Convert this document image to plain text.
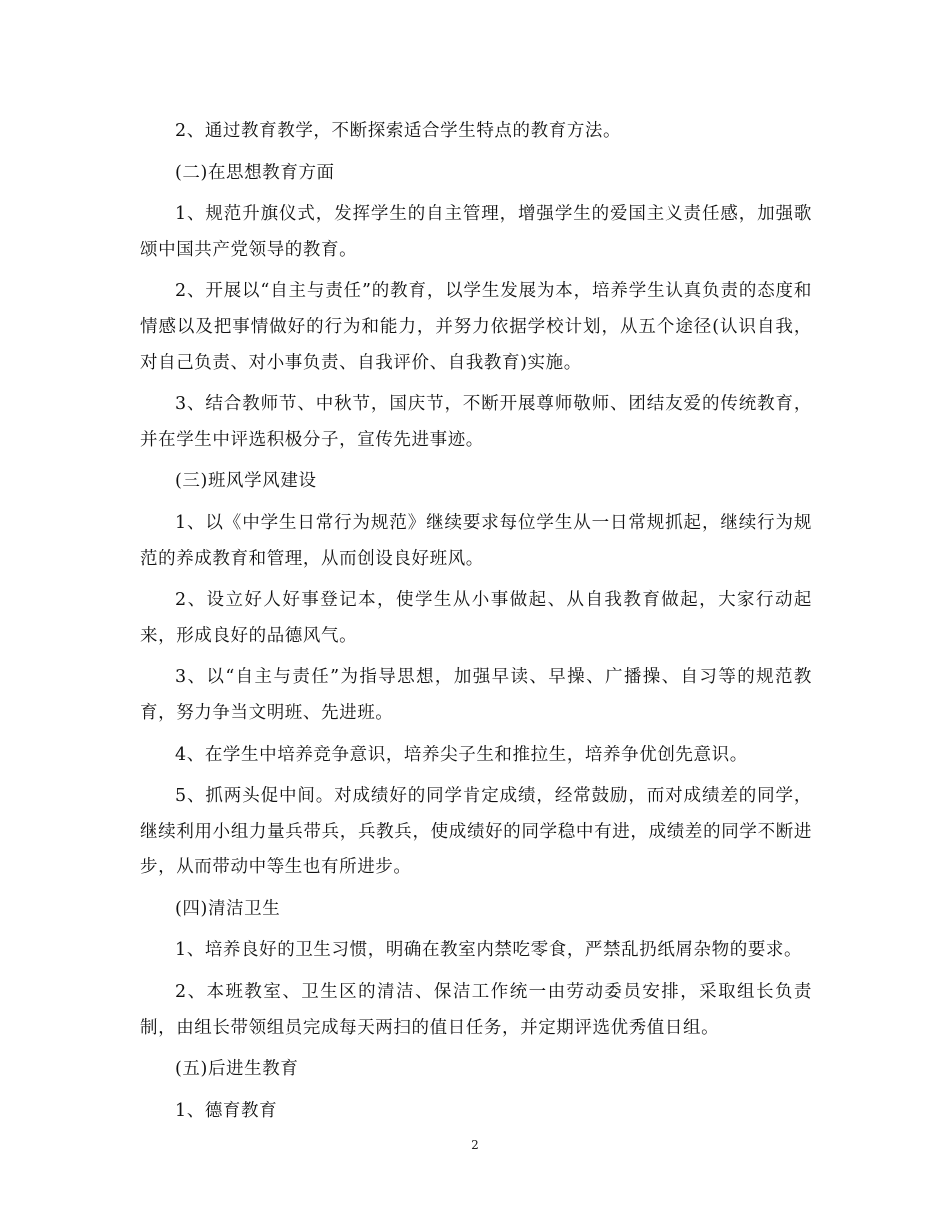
2、通过教育教学，不断探索适合学生特点的教育方法。

(二)在思想教育方面

1、规范升旗仪式，发挥学生的自主管理，增强学生的爱国主义责任感，加强歌颂中国共产党领导的教育。

2、开展以“自主与责任”的教育，以学生发展为本，培养学生认真负责的态度和情感以及把事情做好的行为和能力，并努力依据学校计划，从五个途径(认识自我，对自己负责、对小事负责、自我评价、自我教育)实施。

3、结合教师节、中秋节，国庆节，不断开展尊师敬师、团结友爱的传统教育，并在学生中评选积极分子，宣传先进事迹。

(三)班风学风建设

1、以《中学生日常行为规范》继续要求每位学生从一日常规抓起，继续行为规范的养成教育和管理，从而创设良好班风。

2、设立好人好事登记本，使学生从小事做起、从自我教育做起，大家行动起来，形成良好的品德风气。

3、以“自主与责任”为指导思想，加强早读、早操、广播操、自习等的规范教育，努力争当文明班、先进班。

4、在学生中培养竞争意识，培养尖子生和推拉生，培养争优创先意识。

5、抓两头促中间。对成绩好的同学肯定成绩，经常鼓励，而对成绩差的同学，继续利用小组力量兵带兵，兵教兵，使成绩好的同学稳中有进，成绩差的同学不断进步，从而带动中等生也有所进步。

(四)清洁卫生

1、培养良好的卫生习惯，明确在教室内禁吃零食，严禁乱扔纸屑杂物的要求。

2、本班教室、卫生区的清洁、保洁工作统一由劳动委员安排，采取组长负责制，由组长带领组员完成每天两扫的值日任务，并定期评选优秀值日组。

(五)后进生教育

1、德育教育

2
